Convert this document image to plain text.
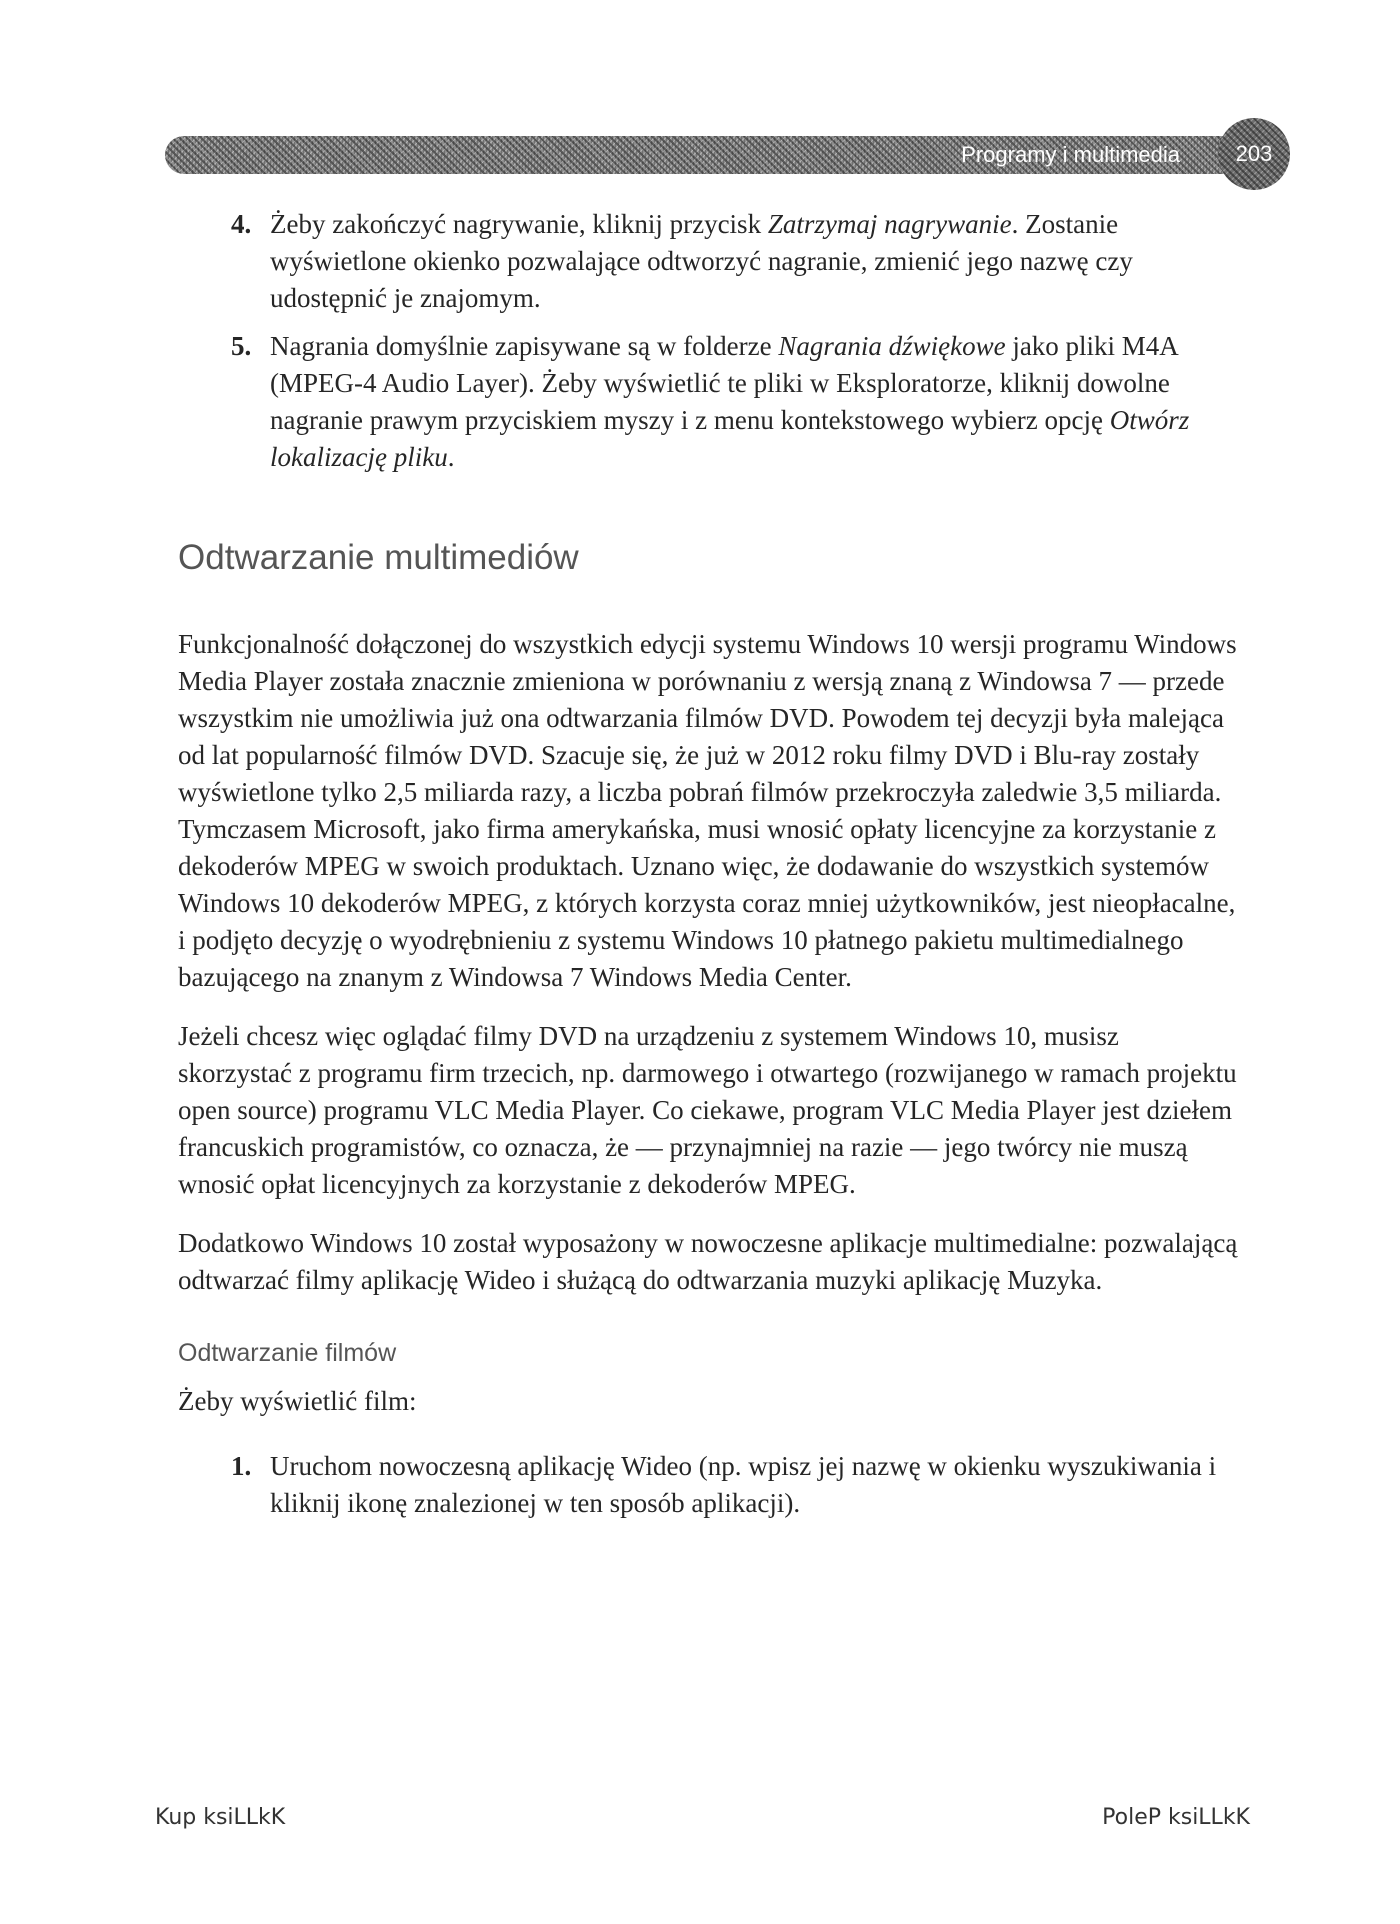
Programy i multimedia	203
4. Żeby zakończyć nagrywanie, kliknij przycisk Zatrzymaj nagrywanie. Zostanie wyświetlone okienko pozwalające odtworzyć nagranie, zmienić jego nazwę czy udostępnić je znajomym.
5. Nagrania domyślnie zapisywane są w folderze Nagrania dźwiękowe jako pliki M4A (MPEG-4 Audio Layer). Żeby wyświetlić te pliki w Eksploratorze, kliknij dowolne nagranie prawym przyciskiem myszy i z menu kontekstowego wybierz opcję Otwórz lokalizację pliku.
Odtwarzanie multimediów

Funkcjonalność dołączonej do wszystkich edycji systemu Windows 10 wersji programu Windows Media Player została znacznie zmieniona w porównaniu z wersją znaną z Windowsa 7 — przede wszystkim nie umożliwia już ona odtwarzania filmów DVD. Powodem tej decyzji była malejąca od lat popularność filmów DVD. Szacuje się, że już w 2012 roku filmy DVD i Blu-ray zostały wyświetlone tylko 2,5 miliarda razy, a liczba pobrań filmów przekroczyła zaledwie 3,5 miliarda. Tymczasem Microsoft, jako firma amerykańska, musi wnosić opłaty licencyjne za korzystanie z dekoderów MPEG w swoich produktach. Uznano więc, że dodawanie do wszystkich systemów Windows 10 dekoderów MPEG, z których korzysta coraz mniej użytkowników, jest nieopłacalne, i podjęto decyzję o wyodrębnieniu z systemu Windows 10 płatnego pakietu multimedialnego bazującego na znanym z Windowsa 7 Windows Media Center.

Jeżeli chcesz więc oglądać filmy DVD na urządzeniu z systemem Windows 10, musisz skorzystać z programu firm trzecich, np. darmowego i otwartego (rozwijanego w ramach projektu open source) programu VLC Media Player. Co ciekawe, program VLC Media Player jest dziełem francuskich programistów, co oznacza, że — przynajmniej na razie — jego twórcy nie muszą wnosić opłat licencyjnych za korzystanie z dekoderów MPEG.

Dodatkowo Windows 10 został wyposażony w nowoczesne aplikacje multimedialne: pozwalającą odtwarzać filmy aplikację Wideo i służącą do odtwarzania muzyki aplikację Muzyka.

Odtwarzanie filmów

Żeby wyświetlić film:

1. Uruchom nowoczesną aplikację Wideo (np. wpisz jej nazwę w okienku wyszukiwania i kliknij ikonę znalezionej w ten sposób aplikacji).
Kup ksiLLkK	PoleP ksiLLkK
